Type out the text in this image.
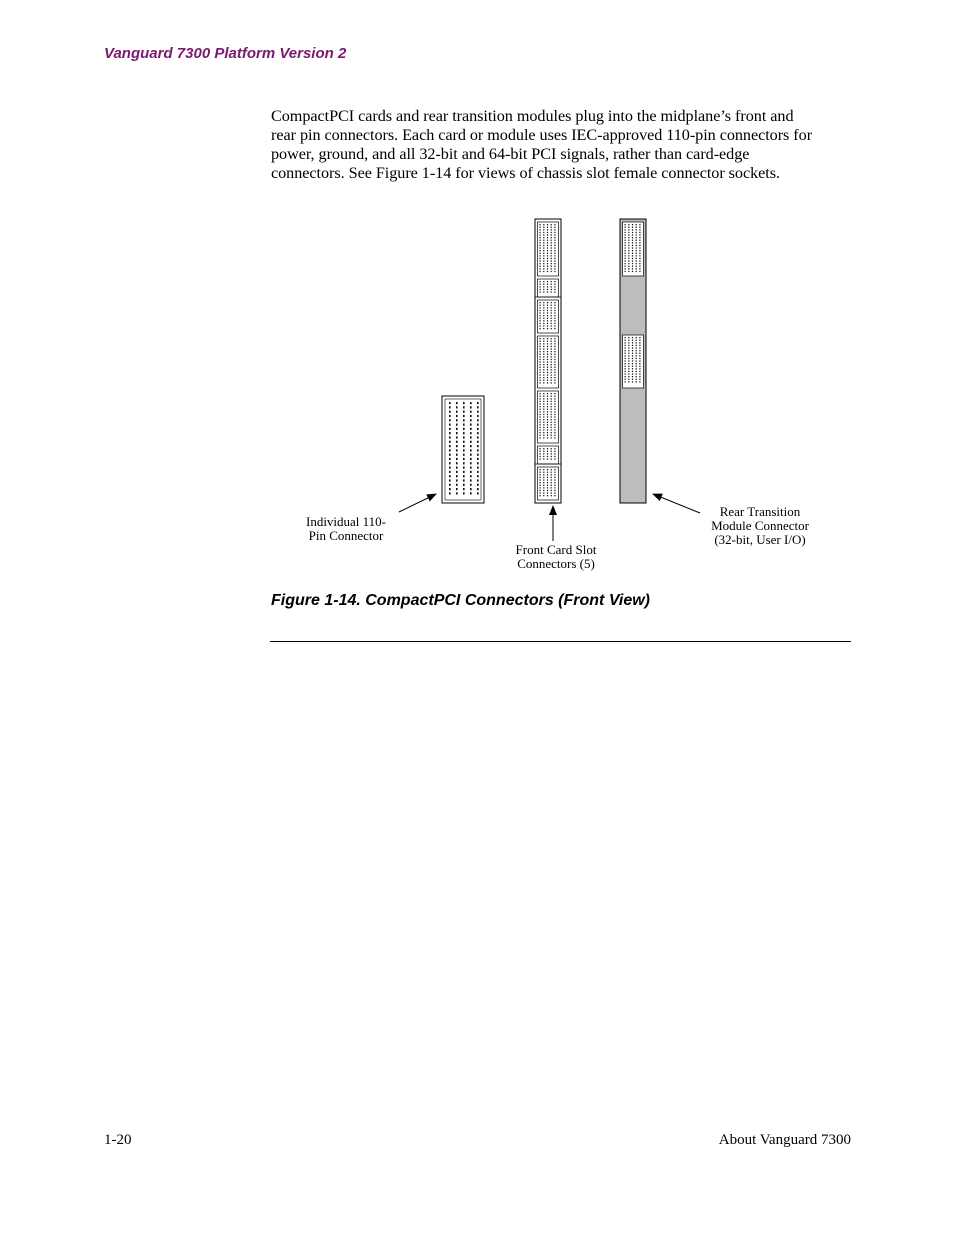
Vanguard 7300 Platform Version 2

CompactPCI cards and rear transition modules plug into the midplane’s front and
rear pin connectors. Each card or module uses IEC-approved 110-pin connectors for
power, ground, and all 32-bit and 64-bit PCI signals, rather than card-edge
connectors. See Figure 1-14 for views of chassis slot female connector sockets.

Individual 110-
Pin Connector
Front Card Slot
Connectors (5)
Rear Transition
Module Connector
(32-bit, User I/O)
Figure 1-14. CompactPCI Connectors (Front View)
1-20	About Vanguard 7300
